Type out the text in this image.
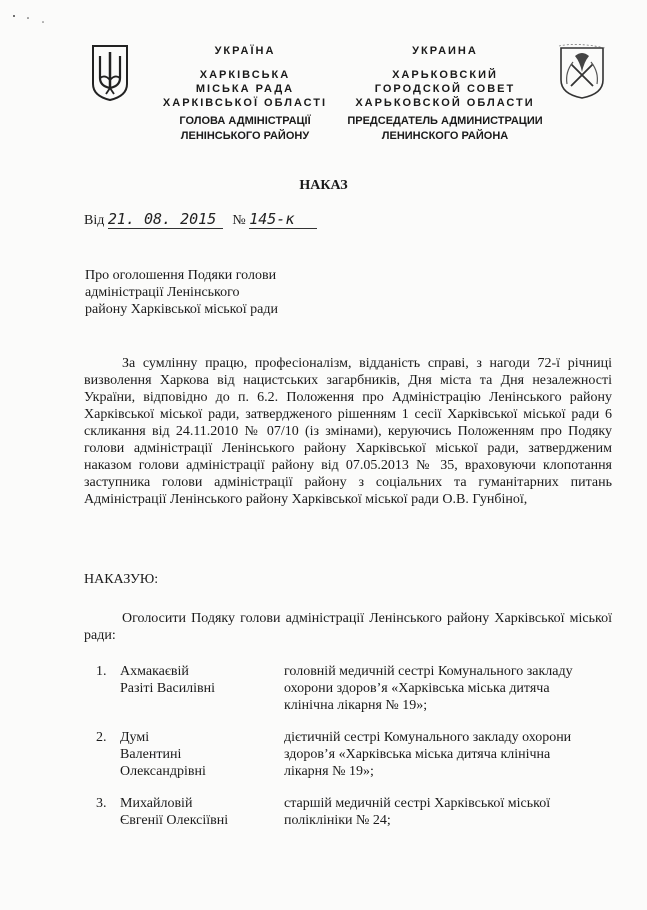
УКРАЇНА
ХАРКІВСЬКА
МІСЬКА РАДА
ХАРКІВСЬКОЇ ОБЛАСТІ
ГОЛОВА АДМІНІСТРАЦІЇ
ЛЕНІНСЬКОГО РАЙОНУ
УКРАИНА
ХАРЬКОВСКИЙ
ГОРОДСКОЙ СОВЕТ
ХАРЬКОВСКОЙ ОБЛАСТИ
ПРЕДСЕДАТЕЛЬ АДМИНИСТРАЦИИ
ЛЕНИНСКОГО РАЙОНА
НАКАЗ
Від 21. 08. 2015 № 145-к
Про оголошення Подяки голови
адміністрації Ленінського
району Харківської міської ради
За сумлінну працю, професіоналізм, відданість справі, з нагоди 72-ї річниці визволення Харкова від нацистських загарбників, Дня міста та Дня незалежності України, відповідно до п. 6.2. Положення про Адміністрацію Ленінського району Харківської міської ради, затвердженого рішенням 1 сесії Харківської міської ради 6 скликання від 24.11.2010 № 07/10 (із змінами), керуючись Положенням про Подяку голови адміністрації Ленінського району Харківської міської ради, затвердженим наказом голови адміністрації району від 07.05.2013 № 35, враховуючи клопотання заступника голови адміністрації району з соціальних та гуманітарних питань Адміністрації Ленінського району Харківської міської ради О.В. Гунбіної,
НАКАЗУЮ:
Оголосити Подяку голови адміністрації Ленінського району Харківської міської ради:
1. Ахмакаєвій
Разіті Василівні
головній медичній сестрі Комунального закладу
охорони здоров’я «Харківська міська дитяча
клінічна лікарня № 19»;
2. Думі
Валентині
Олександрівні
дієтичній сестрі Комунального закладу охорони
здоров’я «Харківська міська дитяча клінічна
лікарня № 19»;
3. Михайловій
Євгенії Олексіївні
старшій медичній сестрі Харківської міської
поліклініки № 24;
